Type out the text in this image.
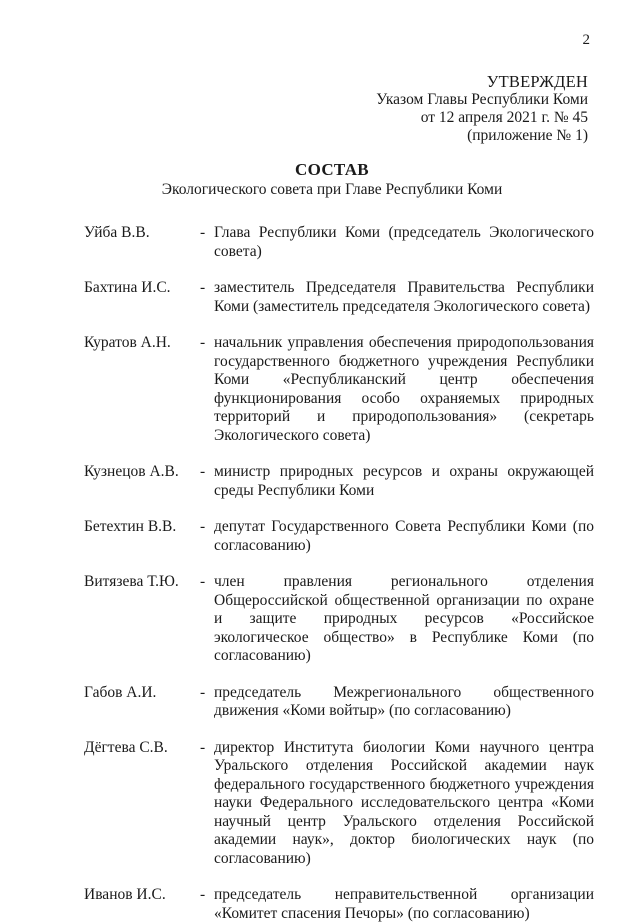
2
УТВЕРЖДЕН
Указом Главы Республики Коми
от 12 апреля 2021 г. № 45
(приложение № 1)
СОСТАВ
Экологического совета при Главе Республики Коми
Уйба В.В.	- Глава Республики Коми (председатель Экологического совета)
Бахтина И.С.	- заместитель Председателя Правительства Республики Коми (заместитель председателя Экологического совета)
Куратов А.Н.	- начальник управления обеспечения природопользования государственного бюджетного учреждения Республики Коми «Республиканский центр обеспечения функционирования особо охраняемых природных территорий и природопользования» (секретарь Экологического совета)
Кузнецов А.В.	- министр природных ресурсов и охраны окружающей среды Республики Коми
Бетехтин В.В.	- депутат Государственного Совета Республики Коми (по согласованию)
Витязева Т.Ю.	- член правления регионального отделения Общероссийской общественной организации по охране и защите природных ресурсов «Российское экологическое общество» в Республике Коми (по согласованию)
Габов А.И.	- председатель Межрегионального общественного движения «Коми войтыр» (по согласованию)
Дёгтева С.В.	- директор Института биологии Коми научного центра Уральского отделения Российской академии наук федерального государственного бюджетного учреждения науки Федерального исследовательского центра «Коми научный центр Уральского отделения Российской академии наук», доктор биологических наук (по согласованию)
Иванов И.С.	- председатель неправительственной организации «Комитет спасения Печоры» (по согласованию)
